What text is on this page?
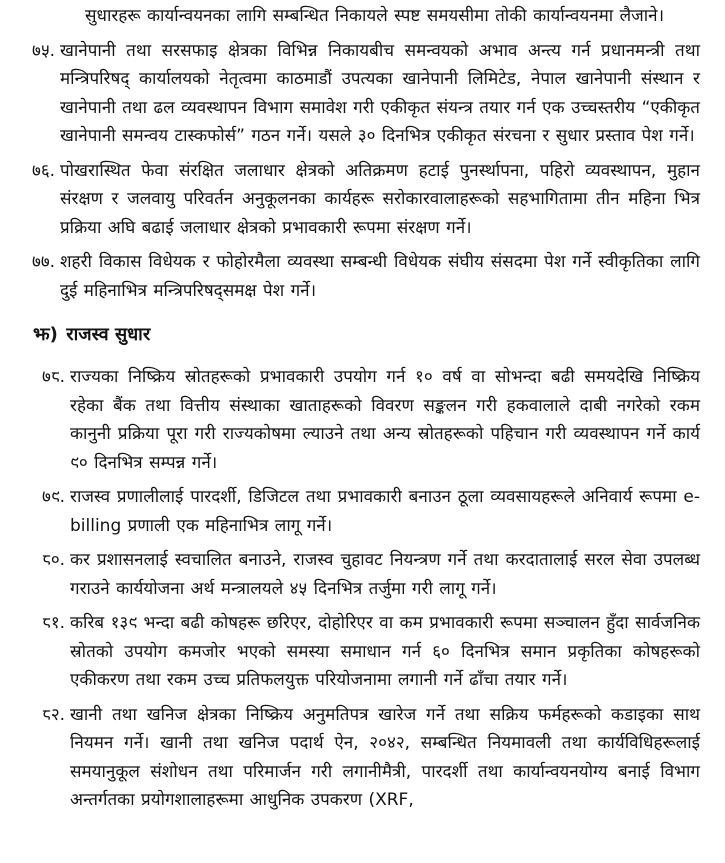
सुधारहरू कार्यान्वयनका लागि सम्बन्धित निकायले स्पष्ट समयसीमा तोकी कार्यान्वयनमा लैजाने।

७५. खानेपानी तथा सरसफाइ क्षेत्रका विभिन्न निकायबीच समन्वयको अभाव अन्त्य गर्न प्रधानमन्त्री तथा मन्त्रिपरिषद् कार्यालयको नेतृत्वमा काठमाडौं उपत्यका खानेपानी लिमिटेड, नेपाल खानेपानी संस्थान र खानेपानी तथा ढल व्यवस्थापन विभाग समावेश गरी एकीकृत संयन्त्र तयार गर्न एक उच्चस्तरीय “एकीकृत खानेपानी समन्वय टास्कफोर्स” गठन गर्ने। यसले ३० दिनभित्र एकीकृत संरचना र सुधार प्रस्ताव पेश गर्ने।
७६. पोखरास्थित फेवा संरक्षित जलाधार क्षेत्रको अतिक्रमण हटाई पुनर्स्थापना, पहिरो व्यवस्थापन, मुहान संरक्षण र जलवायु परिवर्तन अनुकूलनका कार्यहरू सरोकारवालाहरूको सहभागितामा तीन महिना भित्र प्रक्रिया अघि बढाई जलाधार क्षेत्रको प्रभावकारी रूपमा संरक्षण गर्ने।
७७. शहरी विकास विधेयक र फोहोरमैला व्यवस्था सम्बन्धी विधेयक संघीय संसदमा पेश गर्ने स्वीकृतिका लागि दुई महिनाभित्र मन्त्रिपरिषद्समक्ष पेश गर्ने।
झ) राजस्व सुधार
७८. राज्यका निष्क्रिय स्रोतहरूको प्रभावकारी उपयोग गर्न १० वर्ष वा सोभन्दा बढी समयदेखि निष्क्रिय रहेका बैंक तथा वित्तीय संस्थाका खाताहरूको विवरण सङ्कलन गरी हकवालाले दाबी नगरेको रकम कानुनी प्रक्रिया पूरा गरी राज्यकोषमा ल्याउने तथा अन्य स्रोतहरूको पहिचान गरी व्यवस्थापन गर्ने कार्य ९० दिनभित्र सम्पन्न गर्ने।
७९. राजस्व प्रणालीलाई पारदर्शी, डिजिटल तथा प्रभावकारी बनाउन ठूला व्यवसायहरूले अनिवार्य रूपमा e-billing प्रणाली एक महिनाभित्र लागू गर्ने।
८०. कर प्रशासनलाई स्वचालित बनाउने, राजस्व चुहावट नियन्त्रण गर्ने तथा करदातालाई सरल सेवा उपलब्ध गराउने कार्ययोजना अर्थ मन्त्रालयले ४५ दिनभित्र तर्जुमा गरी लागू गर्ने।
८१. करिब १३९ भन्दा बढी कोषहरू छरिएर, दोहोरिएर वा कम प्रभावकारी रूपमा सञ्चालन हुँदा सार्वजनिक स्रोतको उपयोग कमजोर भएको समस्या समाधान गर्न ६० दिनभित्र समान प्रकृतिका कोषहरूको एकीकरण तथा रकम उच्च प्रतिफलयुक्त परियोजनामा लगानी गर्ने ढाँचा तयार गर्ने।
८२. खानी तथा खनिज क्षेत्रका निष्क्रिय अनुमतिपत्र खारेज गर्ने तथा सक्रिय फर्महरूको कडाइका साथ नियमन गर्ने। खानी तथा खनिज पदार्थ ऐन, २०४२, सम्बन्धित नियमावली तथा कार्यविधिहरूलाई समयानुकूल संशोधन तथा परिमार्जन गरी लगानीमैत्री, पारदर्शी तथा कार्यान्वयनयोग्य बनाई विभाग अन्तर्गतका प्रयोगशालाहरूमा आधुनिक उपकरण (XRF,
